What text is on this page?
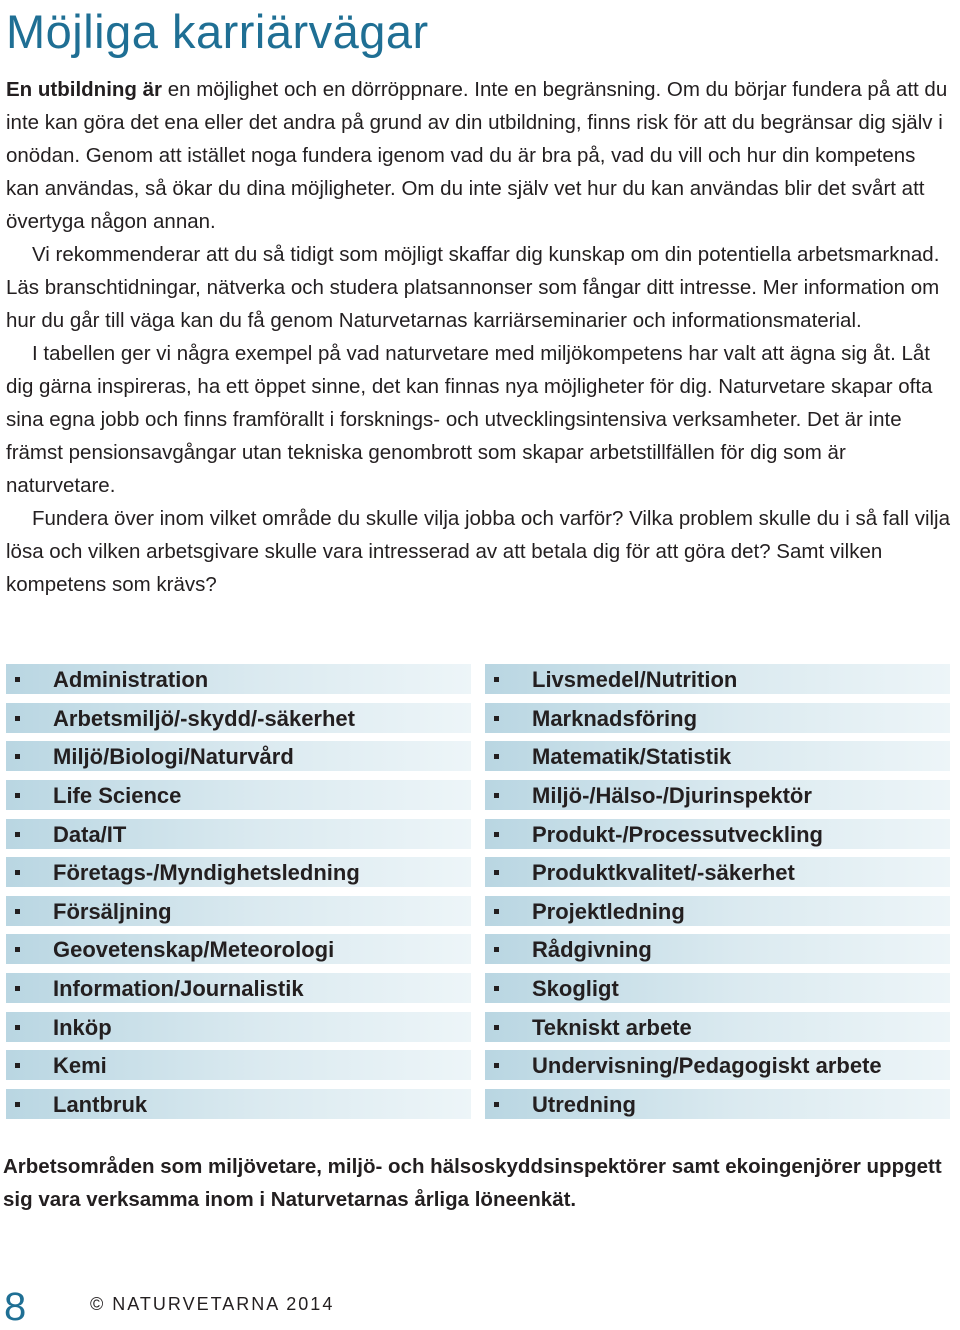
Möjliga karriärvägar

En utbildning är en möjlighet och en dörröppnare. Inte en begränsning. Om du börjar fundera på att du inte kan göra det ena eller det andra på grund av din utbildning, finns risk för att du begränsar dig själv i onödan. Genom att istället noga fundera igenom vad du är bra på, vad du vill och hur din kompetens kan användas, så ökar du dina möjligheter. Om du inte själv vet hur du kan användas blir det svårt att övertyga någon annan.

Vi rekommenderar att du så tidigt som möjligt skaffar dig kunskap om din potentiella arbetsmarknad. Läs branschtidningar, nätverka och studera platsannonser som fångar ditt intresse. Mer information om hur du går till väga kan du få genom Naturvetarnas karriärseminarier och informationsmaterial.

I tabellen ger vi några exempel på vad naturvetare med miljökompetens har valt att ägna sig åt. Låt dig gärna inspireras, ha ett öppet sinne, det kan finnas nya möjligheter för dig. Naturvetare skapar ofta sina egna jobb och finns framförallt i forsknings- och utvecklingsintensiva verksamheter. Det är inte främst pensionsavgångar utan tekniska genombrott som skapar arbetstillfällen för dig som är naturvetare.

Fundera över inom vilket område du skulle vilja jobba och varför? Vilka problem skulle du i så fall vilja lösa och vilken arbetsgivare skulle vara intresserad av att betala dig för att göra det? Samt vilken kompetens som krävs?

Administration
Arbetsmiljö/-skydd/-säkerhet
Miljö/Biologi/Naturvård
Life Science
Data/IT
Företags-/Myndighetsledning
Försäljning
Geovetenskap/Meteorologi
Information/Journalistik
Inköp
Kemi
Lantbruk
Livsmedel/Nutrition
Marknadsföring
Matematik/Statistik
Miljö-/Hälso-/Djurinspektör
Produkt-/Processutveckling
Produktkvalitet/-säkerhet
Projektledning
Rådgivning
Skogligt
Tekniskt arbete
Undervisning/Pedagogiskt arbete
Utredning
Arbetsområden som miljövetare, miljö- och hälsoskyddsinspektörer samt ekoingenjörer uppgett sig vara verksamma inom i Naturvetarnas årliga löneenkät.
8	© NATURVETARNA 2014
